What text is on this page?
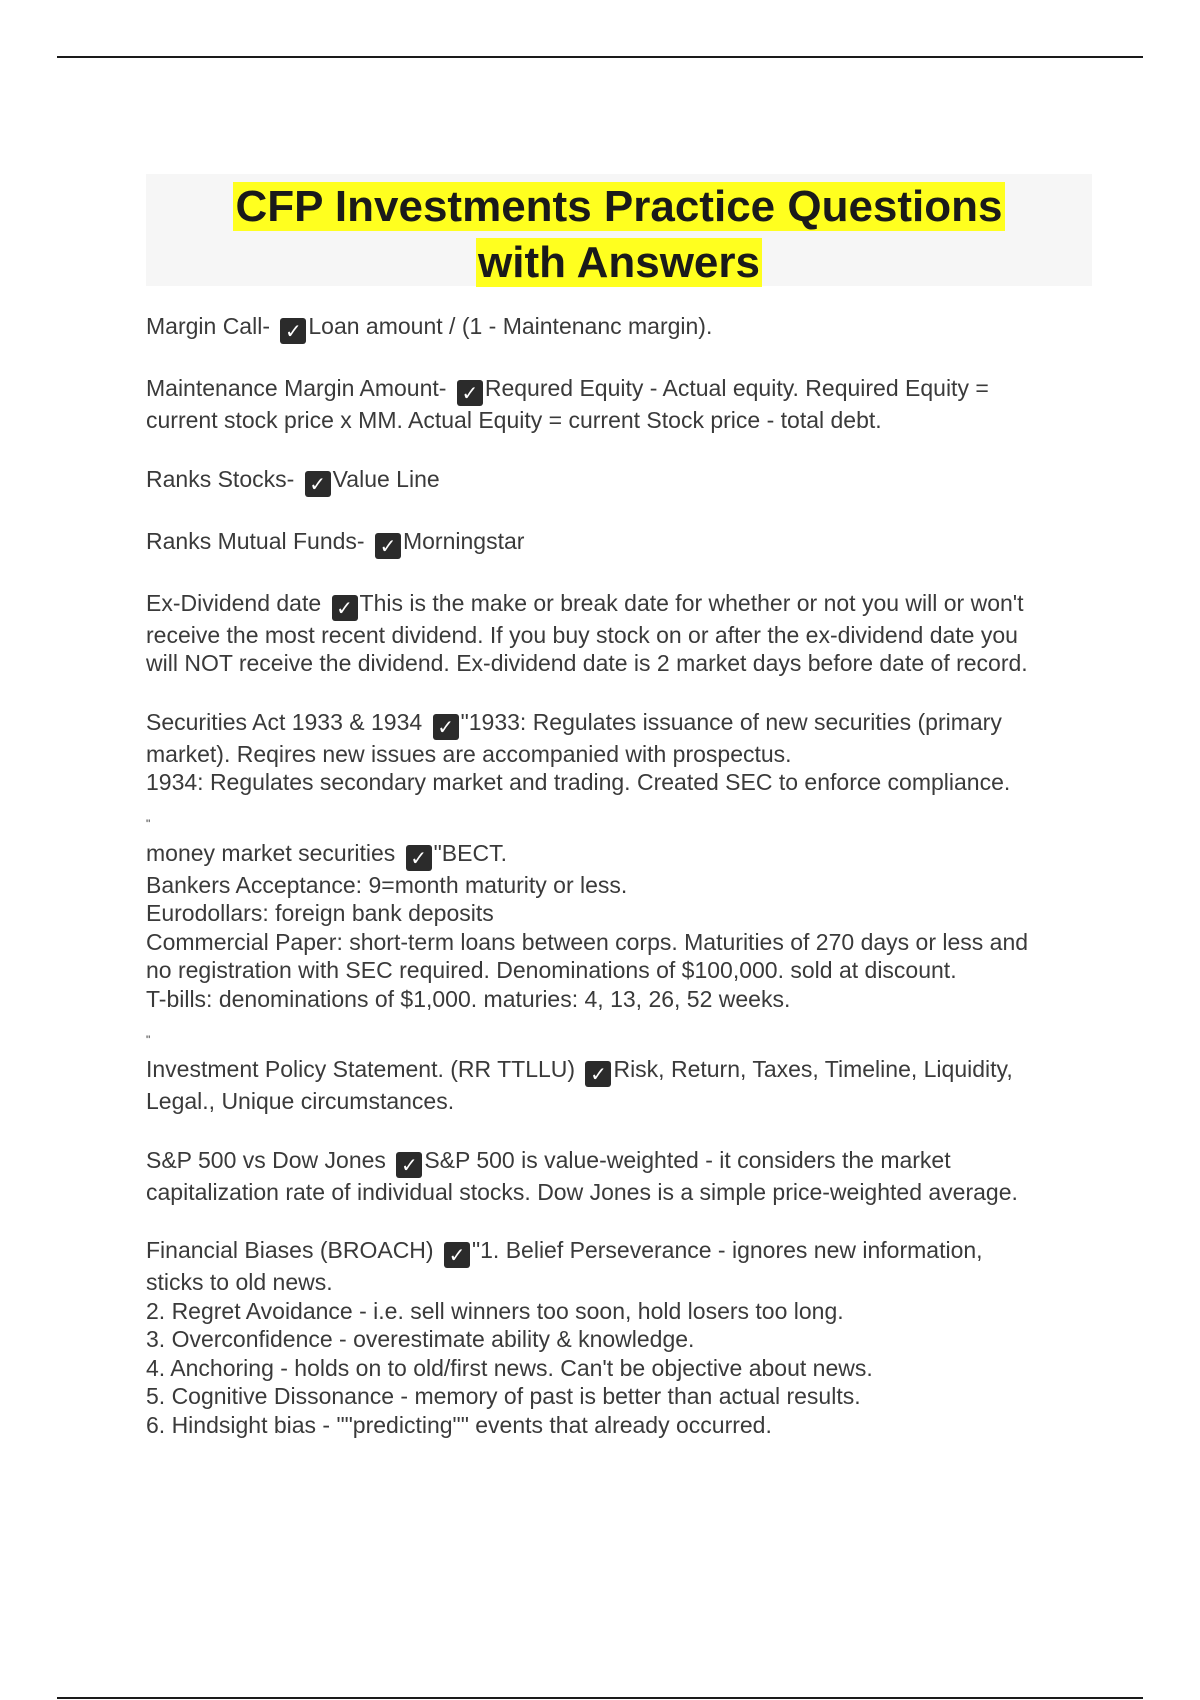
CFP Investments Practice Questions
with Answers
Margin Call- ✓ Loan amount / (1 - Maintenanc margin).
Maintenance Margin Amount- ✓ Requred Equity - Actual equity. Required Equity =
current stock price x MM. Actual Equity = current Stock price - total debt.
Ranks Stocks- ✓ Value Line
Ranks Mutual Funds- ✓ Morningstar
Ex-Dividend date ✓ This is the make or break date for whether or not you will or won't
receive the most recent dividend. If you buy stock on or after the ex-dividend date you
will NOT receive the dividend. Ex-dividend date is 2 market days before date of record.
Securities Act 1933 & 1934 ✓ "1933: Regulates issuance of new securities (primary
market). Reqires new issues are accompanied with prospectus.
1934: Regulates secondary market and trading. Created SEC to enforce compliance.
"
money market securities ✓ "BECT.
Bankers Acceptance: 9=month maturity or less.
Eurodollars: foreign bank deposits
Commercial Paper: short-term loans between corps. Maturities of 270 days or less and
no registration with SEC required. Denominations of $100,000. sold at discount.
T-bills: denominations of $1,000. maturies: 4, 13, 26, 52 weeks.
"
Investment Policy Statement. (RR TTLLU) ✓ Risk, Return, Taxes, Timeline, Liquidity,
Legal., Unique circumstances.
S&P 500 vs Dow Jones ✓ S&P 500 is value-weighted - it considers the market
capitalization rate of individual stocks. Dow Jones is a simple price-weighted average.
Financial Biases (BROACH) ✓ "1. Belief Perseverance - ignores new information,
sticks to old news.
2. Regret Avoidance - i.e. sell winners too soon, hold losers too long.
3. Overconfidence - overestimate ability & knowledge.
4. Anchoring - holds on to old/first news. Can't be objective about news.
5. Cognitive Dissonance - memory of past is better than actual results.
6. Hindsight bias - ""predicting"" events that already occurred.
